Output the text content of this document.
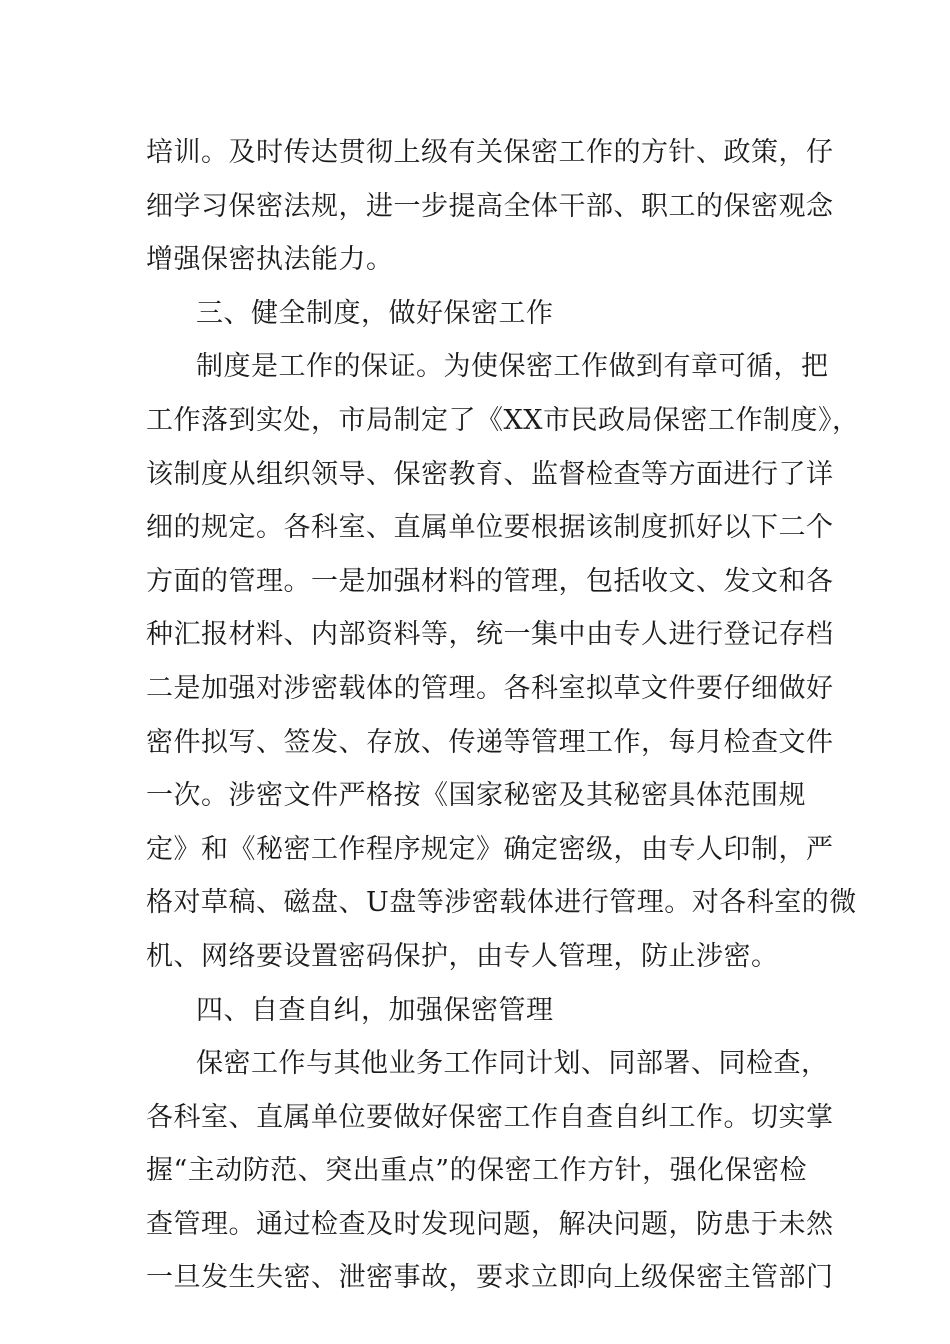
培训。及时传达贯彻上级有关保密工作的方针、政策，仔
细学习保密法规，进一步提高全体干部、职工的保密观念
增强保密执法能力。
三、健全制度，做好保密工作
制度是工作的保证。为使保密工作做到有章可循，把
工作落到实处，市局制定了《XX市民政局保密工作制度》，
该制度从组织领导、保密教育、监督检查等方面进行了详
细的规定。各科室、直属单位要根据该制度抓好以下二个
方面的管理。一是加强材料的管理，包括收文、发文和各
种汇报材料、内部资料等，统一集中由专人进行登记存档
二是加强对涉密载体的管理。各科室拟草文件要仔细做好
密件拟写、签发、存放、传递等管理工作，每月检查文件
一次。涉密文件严格按《国家秘密及其秘密具体范围规
定》和《秘密工作程序规定》确定密级，由专人印制，严
格对草稿、磁盘、U盘等涉密载体进行管理。对各科室的微
机、网络要设置密码保护，由专人管理，防止涉密。
四、自查自纠，加强保密管理
保密工作与其他业务工作同计划、同部署、同检查，
各科室、直属单位要做好保密工作自查自纠工作。切实掌
握“主动防范、突出重点”的保密工作方针，强化保密检
查管理。通过检查及时发现问题，解决问题，防患于未然
一旦发生失密、泄密事故，要求立即向上级保密主管部门
